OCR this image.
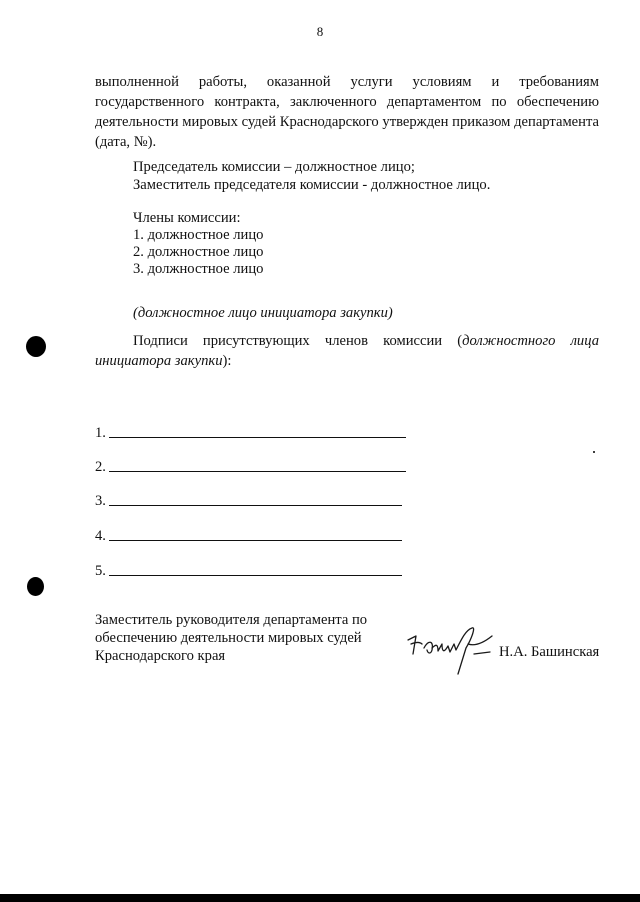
8
выполненной работы, оказанной услуги условиям и требованиям государственного контракта, заключенного департаментом по обеспечению деятельности мировых судей Краснодарского утвержден приказом департамента (дата, №).
Председатель комиссии – должностное лицо;
Заместитель председателя комиссии - должностное лицо.
Члены комиссии:
1. должностное лицо
2. должностное лицо
3. должностное лицо
(должностное лицо инициатора закупки)
Подписи присутствующих членов комиссии (должностного лица инициатора закупки):
1.
2.
3.
4.
5.
Заместитель руководителя департамента по обеспечению деятельности мировых судей Краснодарского края	Н.А. Башинская
